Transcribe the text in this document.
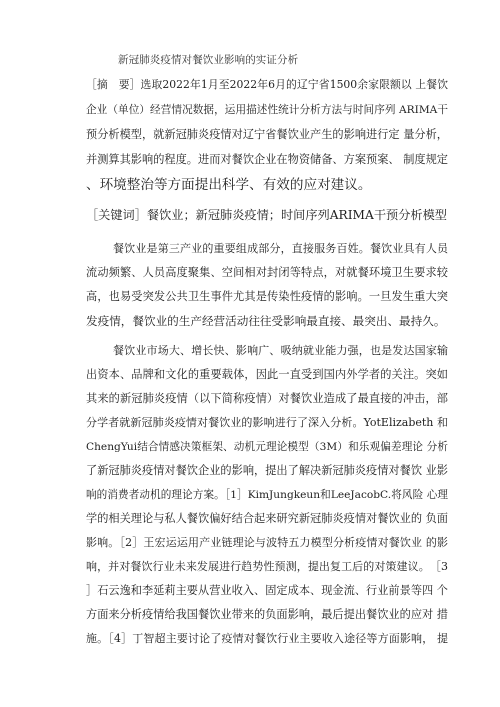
新冠肺炎疫情对餐饮业影响的实证分析
［摘　要］选取2022年1月至2022年6月的辽宁省1500余家限额以 上餐饮
企业（单位）经营情况数据，运用描述性统计分析方法与时间序列 ARIMA干
预分析模型，就新冠肺炎疫情对辽宁省餐饮业产生的影响进行定 量分析，
并测算其影响的程度。进而对餐饮企业在物资储备、方案预案、 制度规定
、环境整治等方面提出科学、有效的应对建议。
［关键词］餐饮业；新冠肺炎疫情；时间序列ARIMA干预分析模型
餐饮业是第三产业的重要组成部分，直接服务百姓。餐饮业具有人员
流动频繁、人员高度聚集、空间相对封闭等特点，对就餐环境卫生要求较
高，也易受突发公共卫生事件尤其是传染性疫情的影响。一旦发生重大突
发疫情，餐饮业的生产经营活动往往受影响最直接、最突出、最持久。
餐饮业市场大、增长快、影响广、吸纳就业能力强，也是发达国家输
出资本、品牌和文化的重要载体，因此一直受到国内外学者的关注。突如
其来的新冠肺炎疫情（以下简称疫情）对餐饮业造成了最直接的冲击，部
分学者就新冠肺炎疫情对餐饮业的影响进行了深入分析。YotElizabeth 和
ChengYui结合情感决策框架、动机元理论模型（3M）和乐观偏差理论 分析
了新冠肺炎疫情对餐饮企业的影响，提出了解决新冠肺炎疫情对餐饮 业影
响的消费者动机的理论方案。［1］KimJungkeun和LeeJacobC.将风险 心理
学的相关理论与私人餐饮偏好结合起来研究新冠肺炎疫情对餐饮业的 负面
影响。［2］王宏运运用产业链理论与波特五力模型分析疫情对餐饮业 的影
响，并对餐饮行业未来发展进行趋势性预测，提出复工后的对策建议。　［3
］石云逸和李延莉主要从营业收入、固定成本、现金流、行业前景等四 个
方面来分析疫情给我国餐饮业带来的负面影响，最后提出餐饮业的应对 措
施。［4］丁智超主要讨论了疫情对餐饮行业主要收入途径等方面影响， 提
